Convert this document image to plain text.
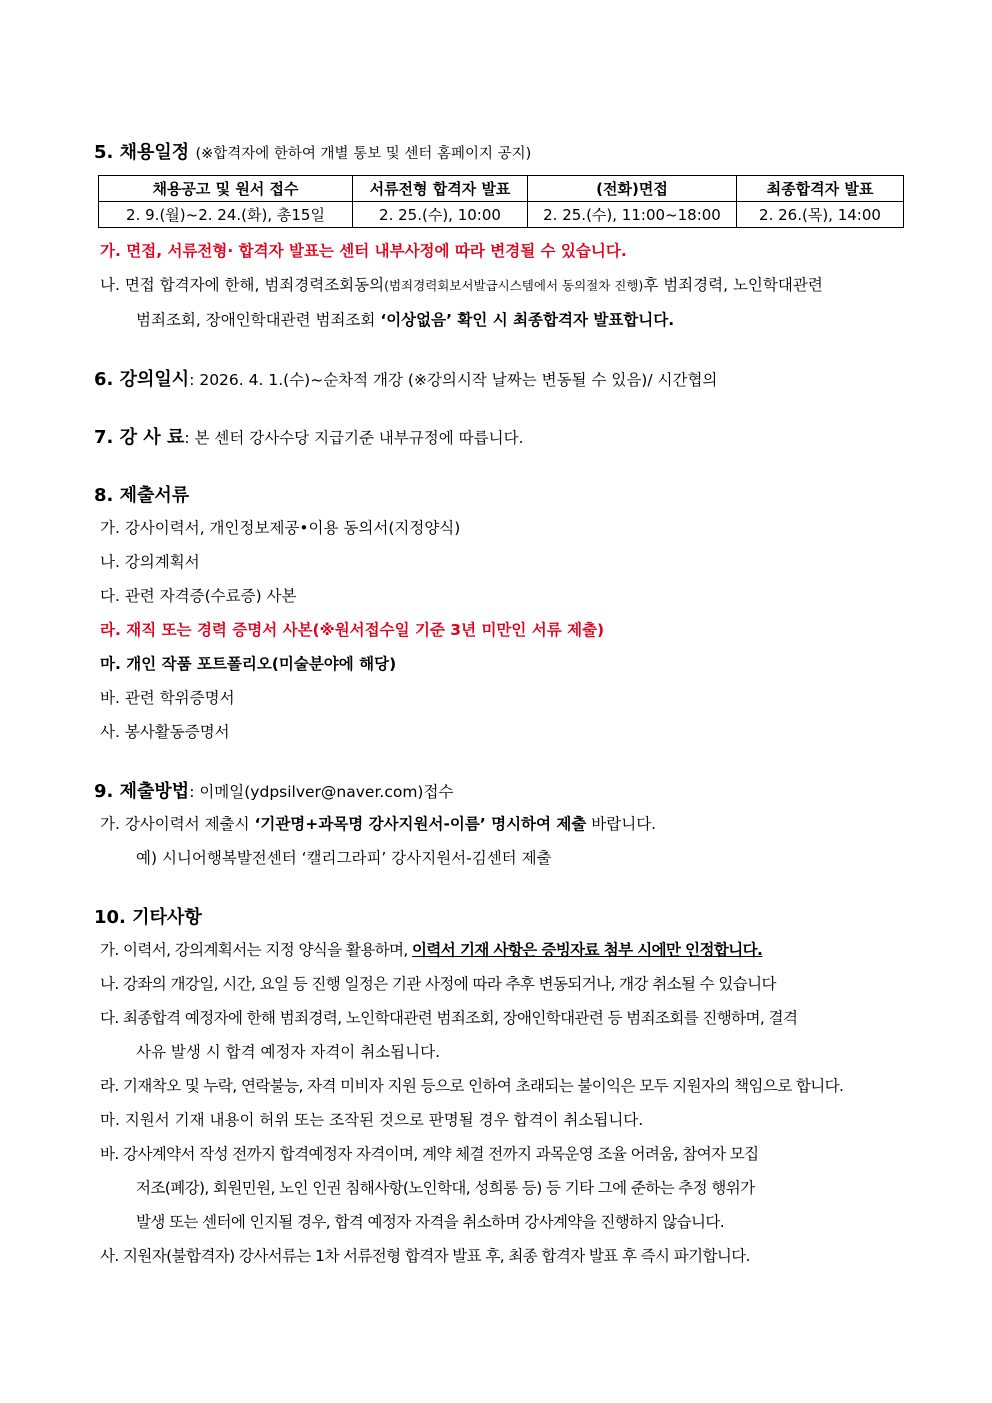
5. 채용일정 (※합격자에 한하여 개별 통보 및 센터 홈페이지 공지)

채용공고 및 원서 접수	서류전형 합격자 발표	(전화)면접	최종합격자 발표
2. 9.(월)~2. 24.(화), 총15일	2. 25.(수), 10:00	2. 25.(수), 11:00~18:00	2. 26.(목), 14:00

가. 면접, 서류전형· 합격자 발표는 센터 내부사정에 따라 변경될 수 있습니다.

나. 면접 합격자에 한해, 범죄경력조회동의(범죄경력회보서발급시스템에서 동의절차 진행)후 범죄경력, 노인학대관련

범죄조회, 장애인학대관련 범죄조회 ‘이상없음’ 확인 시 최종합격자 발표합니다.

6. 강의일시: 2026. 4. 1.(수)~순차적 개강 (※강의시작 날짜는 변동될 수 있음)/ 시간협의

7. 강 사 료: 본 센터 강사수당 지급기준 내부규정에 따릅니다.

8. 제출서류

가. 강사이력서, 개인정보제공•이용 동의서(지정양식)

나. 강의계획서

다. 관련 자격증(수료증) 사본

라. 재직 또는 경력 증명서 사본(※원서접수일 기준 3년 미만인 서류 제출)

마. 개인 작품 포트폴리오(미술분야에 해당)

바. 관련 학위증명서

사. 봉사활동증명서

9. 제출방법: 이메일(ydpsilver@naver.com)접수

가. 강사이력서 제출시 ‘기관명+과목명 강사지원서-이름’ 명시하여 제출 바랍니다.

예) 시니어행복발전센터 ‘캘리그라피’ 강사지원서-김센터 제출

10. 기타사항

가. 이력서, 강의계획서는 지정 양식을 활용하며, 이력서 기재 사항은 증빙자료 첨부 시에만 인정합니다.

나. 강좌의 개강일, 시간, 요일 등 진행 일정은 기관 사정에 따라 추후 변동되거나, 개강 취소될 수 있습니다

다. 최종합격 예정자에 한해 범죄경력, 노인학대관련 범죄조회, 장애인학대관련 등 범죄조회를 진행하며, 결격

사유 발생 시 합격 예정자 자격이 취소됩니다.

라. 기재착오 및 누락, 연락불능, 자격 미비자 지원 등으로 인하여 초래되는 불이익은 모두 지원자의 책임으로 합니다.

마. 지원서 기재 내용이 허위 또는 조작된 것으로 판명될 경우 합격이 취소됩니다.

바. 강사계약서 작성 전까지 합격예정자 자격이며, 계약 체결 전까지 과목운영 조율 어려움, 참여자 모집

저조(폐강), 회원민원, 노인 인권 침해사항(노인학대, 성희롱 등) 등 기타 그에 준하는 추정 행위가

발생 또는 센터에 인지될 경우, 합격 예정자 자격을 취소하며 강사계약을 진행하지 않습니다.

사. 지원자(불합격자) 강사서류는 1차 서류전형 합격자 발표 후, 최종 합격자 발표 후 즉시 파기합니다.
